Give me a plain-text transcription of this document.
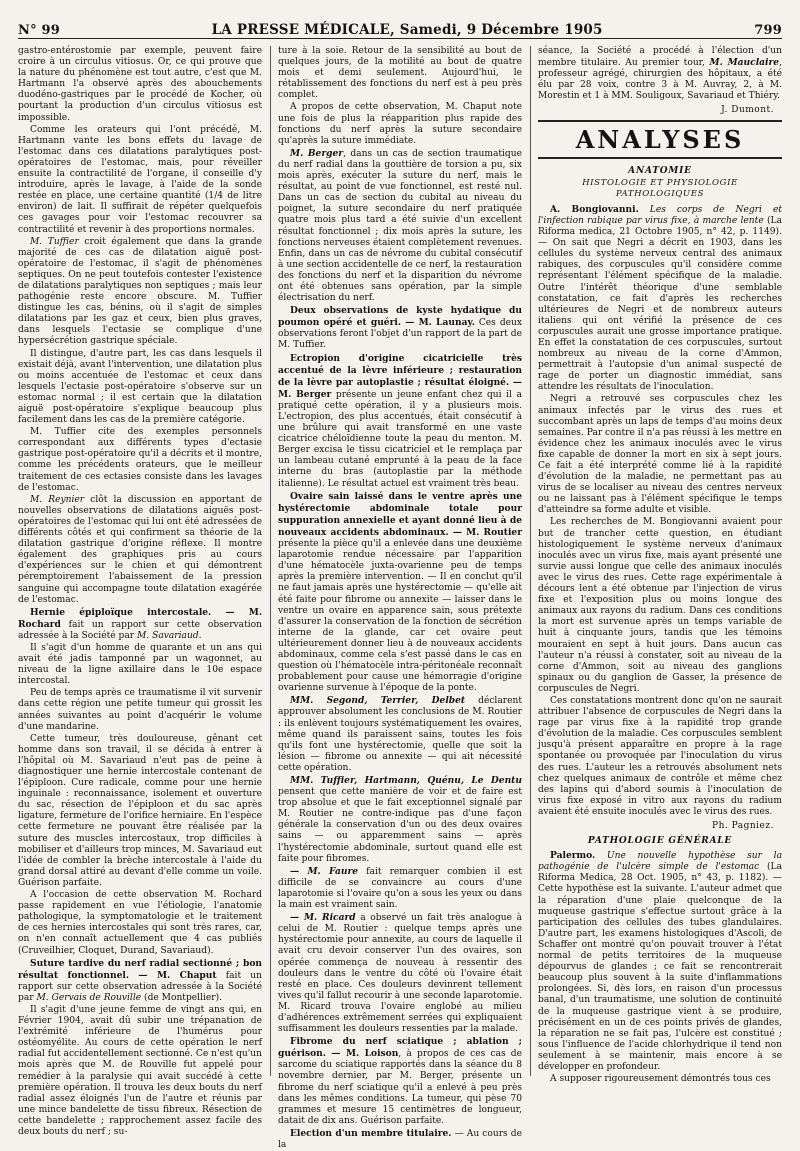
N° 99	LA PRESSE MÉDICALE, Samedi, 9 Décembre 1905	799

gastro-entérostomie par exemple, peuvent faire croire à un circulus vitiosus. Or, ce qui prouve que la nature du phénomène est tout autre, c'est que M. Hartmann l'a observé après des abouchements duodéno-gastriques par le procédé de Kocher, où pourtant la production d'un circulus vitiosus est impossible.

Comme les orateurs qui l'ont précédé, M. Hartmann vante les bons effets du lavage de l'estomac dans ces dilatations paralytiques post-opératoires de l'estomac, mais, pour réveiller ensuite la contractilité de l'organe, il conseille d'y introduire, après le lavage, à l'aide de la sonde restée en place, une certaine quantité (1/4 de litre environ) de lait. Il suffirait de répéter quelquefois ces gavages pour voir l'estomac recouvrer sa contractilité et revenir à des proportions normales.

M. Tuffier croit également que dans la grande majorité de ces cas de dilatation aiguë post-opératoire de l'estomac, il s'agit de phénomènes septiques. On ne peut toutefois contester l'existence de dilatations paralytiques non septiques ; mais leur pathogénie reste encore obscure. M. Tuffier distingue les cas, bénins, où il s'agit de simples dilatations par les gaz et ceux, bien plus graves, dans lesquels l'ectasie se complique d'une hypersécrétion gastrique spéciale.

Il distingue, d'autre part, les cas dans lesquels il existait déjà, avant l'intervention, une dilatation plus ou moins accentuée de l'estomac et ceux dans lesquels l'ectasie post-opératoire s'observe sur un estomac normal ; il est certain que la dilatation aiguë post-opératoire s'explique beaucoup plus facilement dans les cas de la première catégorie.

M. Tuffier cite des exemples personnels correspondant aux différents types d'ectasie gastrique post-opératoire qu'il a décrits et il montre, comme les précédents orateurs, que le meilleur traitement de ces ectasies consiste dans les lavages de l'estomac.

M. Reynier clôt la discussion en apportant de nouvelles observations de dilatations aiguës post-opératoires de l'estomac qui lui ont été adressées de différents côtés et qui confirment sa théorie de la dilatation gastrique d'origine réflexe. Il montre également des graphiques pris au cours d'expériences sur le chien et qui démontrent péremptoirement l'abaissement de la pression sanguine qui accompagne toute dilatation exagérée de l'estomac.

Hernie épiploïque intercostale. — M. Rochard fait un rapport sur cette observation adressée à la Société par M. Savariaud.

Il s'agit d'un homme de quarante et un ans qui avait été jadis tamponné par un wagonnet, au niveau de la ligne axillaire dans le 10e espace intercostal.

Peu de temps après ce traumatisme il vit survenir dans cette région une petite tumeur qui grossit les années suivantes au point d'acquérir le volume d'une mandarine.

Cette tumeur, très douloureuse, gênant cet homme dans son travail, il se décida à entrer à l'hôpital où M. Savariaud n'eut pas de peine à diagnostiquer une hernie intercostale contenant de l'épiploon. Cure radicale, comme pour une hernie inguinale : reconnaissance, isolement et ouverture du sac, résection de l'épiploon et du sac après ligature, fermeture de l'orifice herniaire. En l'espèce cette fermeture ne pouvant être réalisée par la suture des muscles intercostaux, trop difficiles à mobiliser et d'ailleurs trop minces, M. Savariaud eut l'idée de combler la brèche intercostale à l'aide du grand dorsal attiré au devant d'elle comme un voile. Guérison parfaite.

A l'occasion de cette observation M. Rochard passe rapidement en vue l'étiologie, l'anatomie pathologique, la symptomatologie et le traitement de ces hernies intercostales qui sont très rares, car, on n'en connaît actuellement que 4 cas publiés (Cruveilhier, Cloquet, Durand, Savariaud).

Suture tardive du nerf radial sectionné ; bon résultat fonctionnel. — M. Chaput fait un rapport sur cette observation adressée à la Société par M. Gervais de Rouville (de Montpellier).

Il s'agit d'une jeune femme de vingt ans qui, en Février 1904, avait dû subir une trépanation de l'extrémité inférieure de l'humérus pour ostéomyélite. Au cours de cette opération le nerf radial fut accidentellement sectionné. Ce n'est qu'un mois après que M. de Rouville fut appelé pour remédier à la paralysie qui avait succédé à cette première opération. Il trouva les deux bouts du nerf radial assez éloignés l'un de l'autre et réunis par une mince bandelette de tissu fibreux. Résection de cette bandelette ; rapprochement assez facile des deux bouts du nerf ; su-

ture à la soie. Retour de la sensibilité au bout de quelques jours, de la motilité au bout de quatre mois et demi seulement. Aujourd'hui, le rétablissement des fonctions du nerf est à peu près complet.

A propos de cette observation, M. Chaput note une fois de plus la réapparition plus rapide des fonctions du nerf après la suture secondaire qu'après la suture immédiate.

M. Berger, dans un cas de section traumatique du nerf radial dans la gouttière de torsion a pu, six mois après, exécuter la suture du nerf, mais le résultat, au point de vue fonctionnel, est resté nul. Dans un cas de section du cubital au niveau du poignet, la suture secondaire du nerf pratiquée quatre mois plus tard a été suivie d'un excellent résultat fonctionnel ; dix mois après la suture, les fonctions nerveuses étaient complètement revenues. Enfin, dans un cas de névrome du cubital consécutif à une section accidentelle de ce nerf, la restauration des fonctions du nerf et la disparition du névrome ont été obtenues sans opération, par la simple électrisation du nerf.

Deux observations de kyste hydatique du poumon opéré et guéri. — M. Launay. Ces deux observations feront l'objet d'un rapport de la part de M. Tuffier.

Ectropion d'origine cicatricielle très accentué de la lèvre inférieure ; restauration de la lèvre par autoplastie ; résultat éloigné. — M. Berger présente un jeune enfant chez qui il a pratiqué cette opération, il y a plusieurs mois. L'ectropion, des plus accentués, était consécutif à une brûlure qui avait transformé en une vaste cicatrice chéloïdienne toute la peau du menton. M. Berger excisa le tissu cicatriciel et le remplaça par un lambeau cutané emprunté à la peau de la face interne du bras (autoplastie par la méthode italienne). Le résultat actuel est vraiment très beau.

Ovaire sain laissé dans le ventre après une hystérectomie abdominale totale pour suppuration annexielle et ayant donné lieu à de nouveaux accidents abdominaux. — M. Routier présente la pièce qu'il a enlevée dans une deuxième laparotomie rendue nécessaire par l'apparition d'une hématocèle juxta-ovarienne peu de temps après la première intervention. — Il en conclut qu'il ne faut jamais après une hystérectomie — qu'elle ait été faite pour fibrome ou annexite — laisser dans le ventre un ovaire en apparence sain, sous prétexte d'assurer la conservation de la fonction de sécrétion interne de la glande, car cet ovaire peut ultérieurement donner lieu à de nouveaux accidents abdominaux, comme cela s'est passé dans le cas en question où l'hématocèle intra-péritonéale reconnaît probablement pour cause une hémorragie d'origine ovarienne survenue à l'époque de la ponte.

MM. Segond, Terrier, Delbet déclarent approuver absolument les conclusions de M. Routier : ils enlèvent toujours systématiquement les ovaires, même quand ils paraissent sains, toutes les fois qu'ils font une hystérectomie, quelle que soit la lésion — fibrome ou annexite — qui ait nécessité cette opération.

MM. Tuffier, Hartmann, Quénu, Le Dentu pensent que cette manière de voir et de faire est trop absolue et que le fait exceptionnel signalé par M. Routier ne contre-indique pas d'une façon générale la conservation d'un ou des deux ovaires sains — ou apparemment sains — après l'hystérectomie abdominale, surtout quand elle est faite pour fibromes.

— M. Faure fait remarquer combien il est difficile de se convaincre au cours d'une laparotomie si l'ovaire qu'on a sous les yeux ou dans la main est vraiment sain.

— M. Ricard a observé un fait très analogue à celui de M. Routier : quelque temps après une hystérectomie pour annexite, au cours de laquelle il avait cru devoir conserver l'un des ovaires, son opérée commença de nouveau à ressentir des douleurs dans le ventre du côté où l'ovaire était resté en place. Ces douleurs devinrent tellement vives qu'il fallut recourir à une seconde laparotomie. M. Ricard trouva l'ovaire englobé au milieu d'adhérences extrêmement serrées qui expliquaient suffisamment les douleurs ressenties par la malade.

Fibrome du nerf sciatique ; ablation ; guérison. — M. Loison, à propos de ces cas de sarcome du sciatique rapportés dans la séance du 8 novembre dernier, par M. Berger, présente un fibrome du nerf sciatique qu'il a enlevé à peu près dans les mêmes conditions. La tumeur, qui pèse 70 grammes et mesure 15 centimètres de longueur, datait de dix ans. Guérison parfaite.

Election d'un membre titulaire. — Au cours de la

séance, la Société a procédé à l'élection d'un membre titulaire. Au premier tour, M. Mauclaire, professeur agrégé, chirurgien des hôpitaux, a été élu par 28 voix, contre 3 à M. Auvray, 2, à M. Morestin et 1 à MM. Souligoux, Savariaud et Thiéry.

J. Dumont.

ANALYSES

ANATOMIE

HISTOLOGIE ET PHYSIOLOGIE PATHOLOGIQUES

A. Bongiovanni. Les corps de Negri et l'infection rabique par virus fixe, à marche lente (La Riforma medica, 21 Octobre 1905, n° 42, p. 1149). — On sait que Negri a décrit en 1903, dans les cellules du système nerveux central des animaux rabiques, des corpuscules qu'il considère comme représentant l'élément spécifique de la maladie. Outre l'intérêt théorique d'une semblable constatation, ce fait d'après les recherches ultérieures de Negri et de nombreux auteurs italiens qui ont vérifié la présence de ces corpuscules aurait une grosse importance pratique. En effet la constatation de ces corpuscules, surtout nombreux au niveau de la corne d'Ammon, permettrait à l'autopsie d'un animal suspecté de rage de porter un diagnostic immédiat, sans attendre les résultats de l'inoculation.

Negri a retrouvé ses corpuscules chez les animaux infectés par le virus des rues et succombant après un laps de temps d'au moins deux semaines. Par contre il n'a pas réussi à les mettre en évidence chez les animaux inoculés avec le virus fixe capable de donner la mort en six à sept jours. Ce fait a été interprété comme lié à la rapidité d'évolution de la maladie, ne permettant pas au virus de se localiser au niveau des centres nerveux ou ne laissant pas à l'élément spécifique le temps d'atteindre sa forme adulte et visible.

Les recherches de M. Bongiovanni avaient pour but de trancher cette question, en étudiant histologiquement le système nerveux d'animaux inoculés avec un virus fixe, mais ayant présenté une survie aussi longue que celle des animaux inoculés avec le virus des rues. Cette rage expérimentale à décours lent a été obtenue par l'injection de virus fixe et l'exposition plus ou moins longue des animaux aux rayons du radium. Dans ces conditions la mort est survenue après un temps variable de huit à cinquante jours, tandis que les témoins mouraient en sept à huit jours. Dans aucun cas l'auteur n'a réussi à constater, soit au niveau de la corne d'Ammon, soit au niveau des ganglions spinaux ou du ganglion de Gasser, la présence de corpuscules de Negri.

Ces constatations montrent donc qu'on ne saurait attribuer l'absence de corpuscules de Negri dans la rage par virus fixe à la rapidité trop grande d'évolution de la maladie. Ces corpuscules semblent jusqu'à présent apparaître en propre à la rage spontanée ou provoquée par l'inoculation du virus des rues. L'auteur les a retrouvés absolument nets chez quelques animaux de contrôle et même chez des lapins qui d'abord soumis à l'inoculation de virus fixe exposé in vitro aux rayons du radium avaient été ensuite inoculés avec le virus des rues.

Ph. Pagniez.

PATHOLOGIE GÉNÉRALE

Palermo. Une nouvelle hypothèse sur la pathogénie de l'ulcère simple de l'estomac (La Riforma Medica, 28 Oct. 1905, n° 43, p. 1182). — Cette hypothèse est la suivante. L'auteur admet que la réparation d'une plaie quelconque de la muqueuse gastrique s'effectue surtout grâce à la participation des cellules des tubes glandulaires. D'autre part, les examens histologiques d'Ascoli, de Schaffer ont montré qu'on pouvait trouver à l'état normal de petits territoires de la muqueuse dépourvus de glandes ; ce fait se rencontrerait beaucoup plus souvent à la suite d'inflammations prolongées. Si, dès lors, en raison d'un processus banal, d'un traumatisme, une solution de continuité de la muqueuse gastrique vient à se produire, précisément en un de ces points privés de glandes, la réparation ne se fait pas, l'ulcère est constitué ; sous l'influence de l'acide chlorhydrique il tend non seulement à se maintenir, mais encore à se développer en profondeur.

A supposer rigoureusement démontrés tous ces
